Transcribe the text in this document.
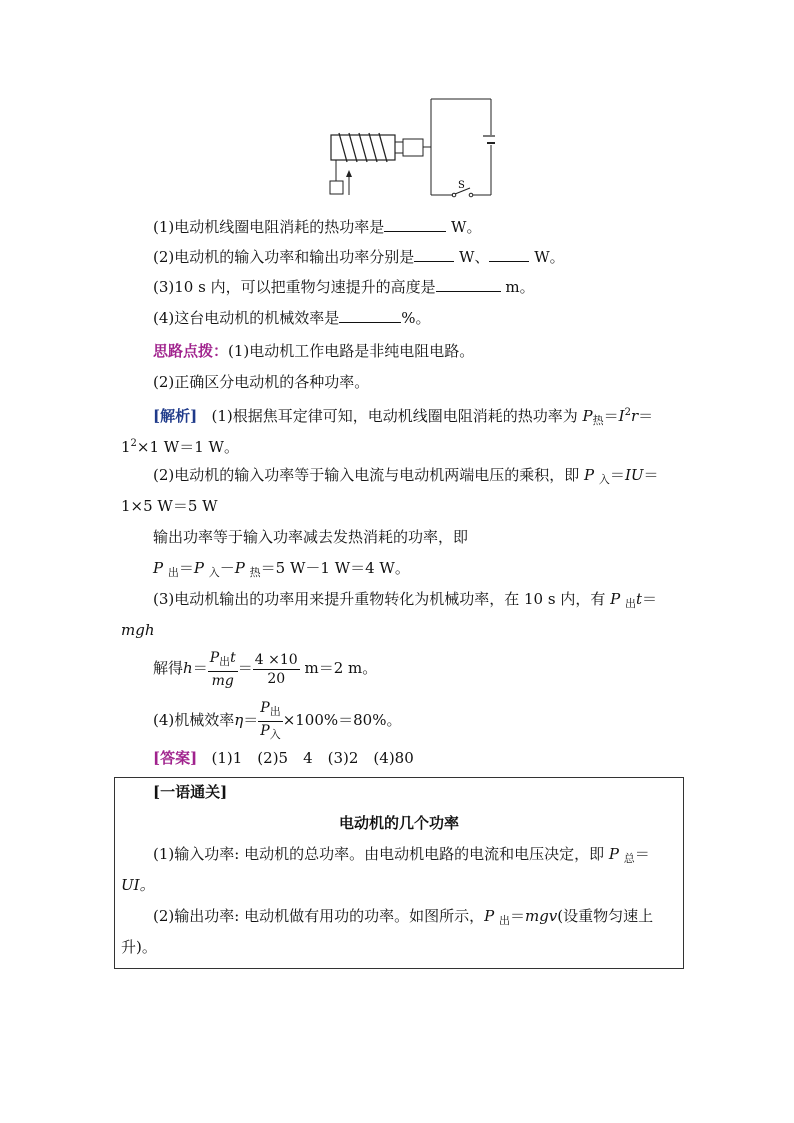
S
(1)电动机线圈电阻消耗的热功率是	W。
(2)电动机的输入功率和输出功率分别是	W、	W。
(3)10 s 内，可以把重物匀速提升的高度是	m。
(4)这台电动机的机械效率是	%。
思路点拨：(1)电动机工作电路是非纯电阻电路。
(2)正确区分电动机的各种功率。
[解析] (1)根据焦耳定律可知，电动机线圈电阻消耗的热功率为 $P_热=I^2r=$
$1^2\times 1$ W＝1 W。
(2)电动机的输入功率等于输入电流与电动机两端电压的乘积，即 P $_入$＝IU＝
1×5 W＝5 W
输出功率等于输入功率减去发热消耗的功率，即
P $_出$＝P $_入$－P $_热$＝5 W－1 W＝4 W。
(3)电动机输出的功率用来提升重物转化为机械功率，在 10 s 内，有 P $_出$t＝
mgh
解得$h= \frac{P_出t}{mg} = \frac{4 \times 10}{20} m=2$ m。
(4)机械效率$\eta= \frac{P_出}{P_入} \times 100\%=80\%$。
[答案] (1)1　(2)5　4　(3)2　(4)80
[一语通关]
电动机的几个功率
(1)输入功率: 电动机的总功率。由电动机电路的电流和电压决定，即 P $_总$＝
UI。
(2)输出功率: 电动机做有用功的功率。如图所示，P $_出$＝mgv(设重物匀速上
升)。
